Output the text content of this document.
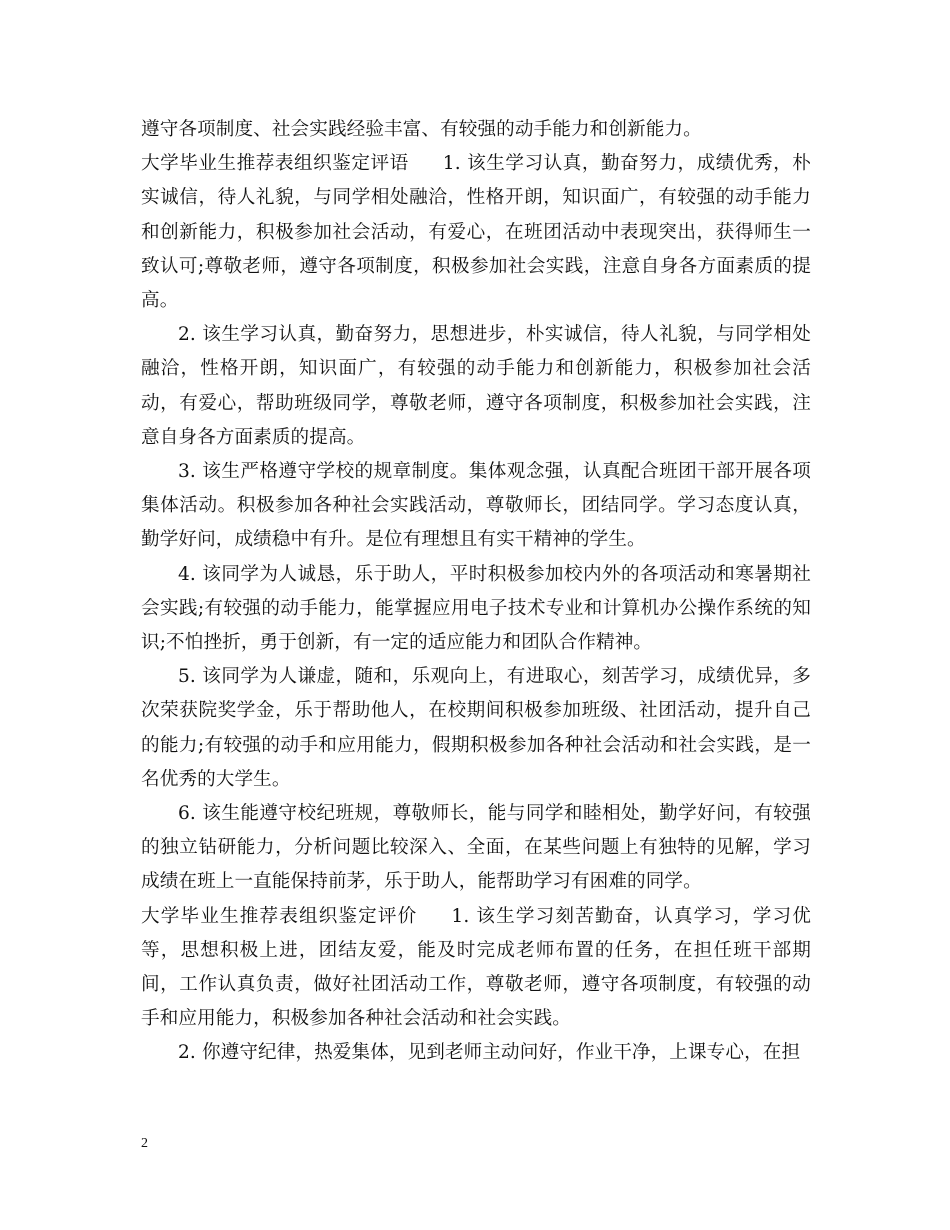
遵守各项制度、社会实践经验丰富、有较强的动手能力和创新能力。

大学毕业生推荐表组织鉴定评语 1. 该生学习认真，勤奋努力，成绩优秀，朴实诚信，待人礼貌，与同学相处融洽，性格开朗，知识面广，有较强的动手能力和创新能力，积极参加社会活动，有爱心，在班团活动中表现突出，获得师生一致认可;尊敬老师，遵守各项制度，积极参加社会实践，注意自身各方面素质的提高。

2. 该生学习认真，勤奋努力，思想进步，朴实诚信，待人礼貌，与同学相处融洽，性格开朗，知识面广，有较强的动手能力和创新能力，积极参加社会活动，有爱心，帮助班级同学，尊敬老师，遵守各项制度，积极参加社会实践，注意自身各方面素质的提高。

3. 该生严格遵守学校的规章制度。集体观念强，认真配合班团干部开展各项集体活动。积极参加各种社会实践活动，尊敬师长，团结同学。学习态度认真，勤学好问，成绩稳中有升。是位有理想且有实干精神的学生。

4. 该同学为人诚恳，乐于助人，平时积极参加校内外的各项活动和寒暑期社会实践;有较强的动手能力，能掌握应用电子技术专业和计算机办公操作系统的知识;不怕挫折，勇于创新，有一定的适应能力和团队合作精神。

5. 该同学为人谦虚，随和，乐观向上，有进取心，刻苦学习，成绩优异，多次荣获院奖学金，乐于帮助他人，在校期间积极参加班级、社团活动，提升自己的能力;有较强的动手和应用能力，假期积极参加各种社会活动和社会实践，是一名优秀的大学生。

6. 该生能遵守校纪班规，尊敬师长，能与同学和睦相处，勤学好问，有较强的独立钻研能力，分析问题比较深入、全面，在某些问题上有独特的见解，学习成绩在班上一直能保持前茅，乐于助人，能帮助学习有困难的同学。

大学毕业生推荐表组织鉴定评价 1. 该生学习刻苦勤奋，认真学习，学习优等，思想积极上进，团结友爱，能及时完成老师布置的任务，在担任班干部期间，工作认真负责，做好社团活动工作，尊敬老师，遵守各项制度，有较强的动手和应用能力，积极参加各种社会活动和社会实践。

2. 你遵守纪律，热爱集体，见到老师主动问好，作业干净，上课专心，在担

2
